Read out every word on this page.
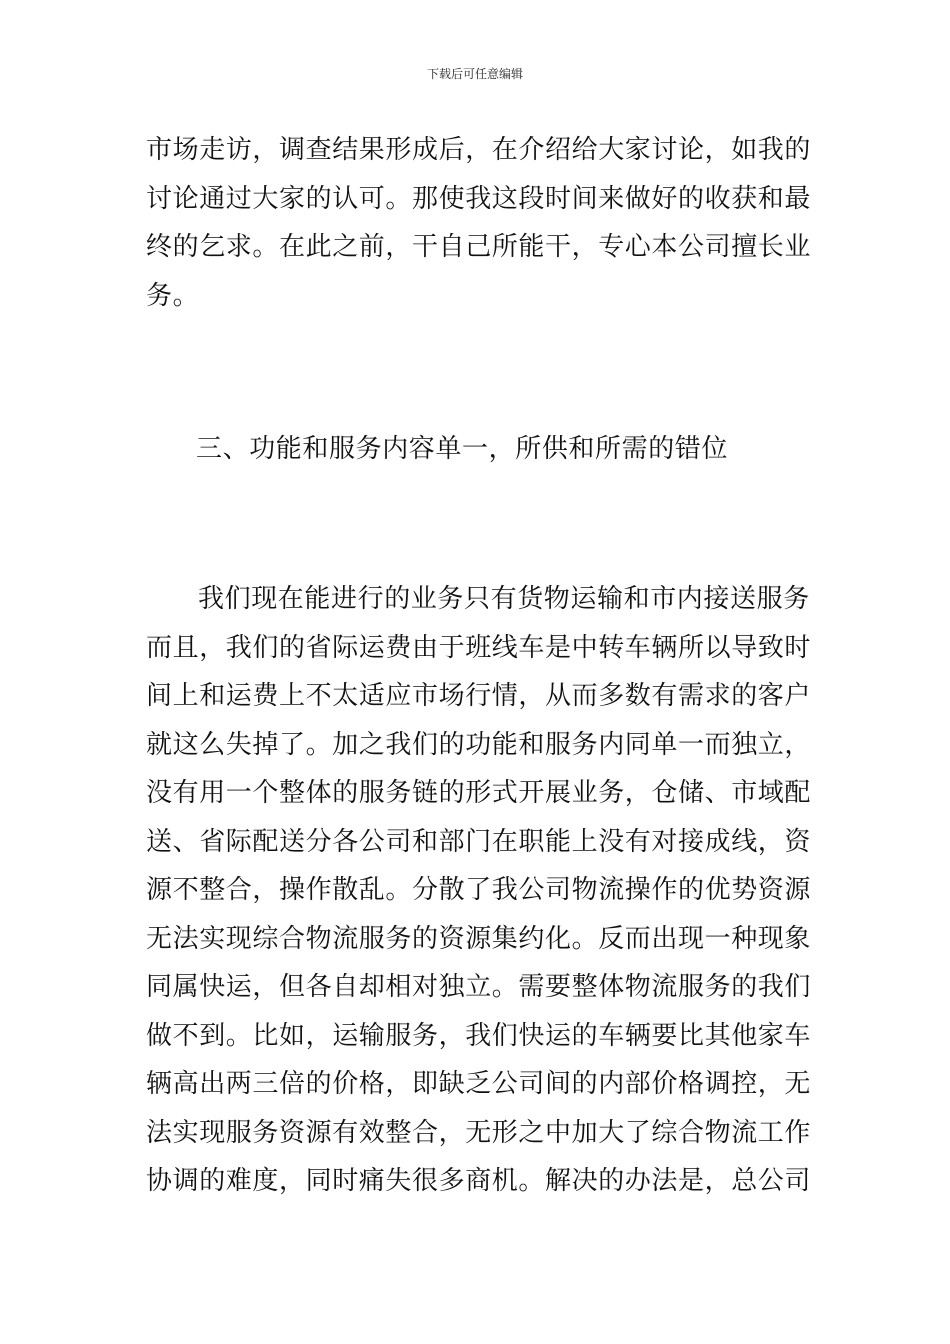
下载后可任意编辑
市场走访，调查结果形成后，在介绍给大家讨论，如我的
讨论通过大家的认可。那使我这段时间来做好的收获和最
终的乞求。在此之前，干自己所能干，专心本公司擅长业
务。
三、功能和服务内容单一，所供和所需的错位
我们现在能进行的业务只有货物运输和市内接送服务
而且，我们的省际运费由于班线车是中转车辆所以导致时
间上和运费上不太适应市场行情，从而多数有需求的客户
就这么失掉了。加之我们的功能和服务内同单一而独立，
没有用一个整体的服务链的形式开展业务，仓储、市域配
送、省际配送分各公司和部门在职能上没有对接成线，资
源不整合，操作散乱。分散了我公司物流操作的优势资源
无法实现综合物流服务的资源集约化。反而出现一种现象
同属快运，但各自却相对独立。需要整体物流服务的我们
做不到。比如，运输服务，我们快运的车辆要比其他家车
辆高出两三倍的价格，即缺乏公司间的内部价格调控，无
法实现服务资源有效整合，无形之中加大了综合物流工作
协调的难度，同时痛失很多商机。解决的办法是，总公司
